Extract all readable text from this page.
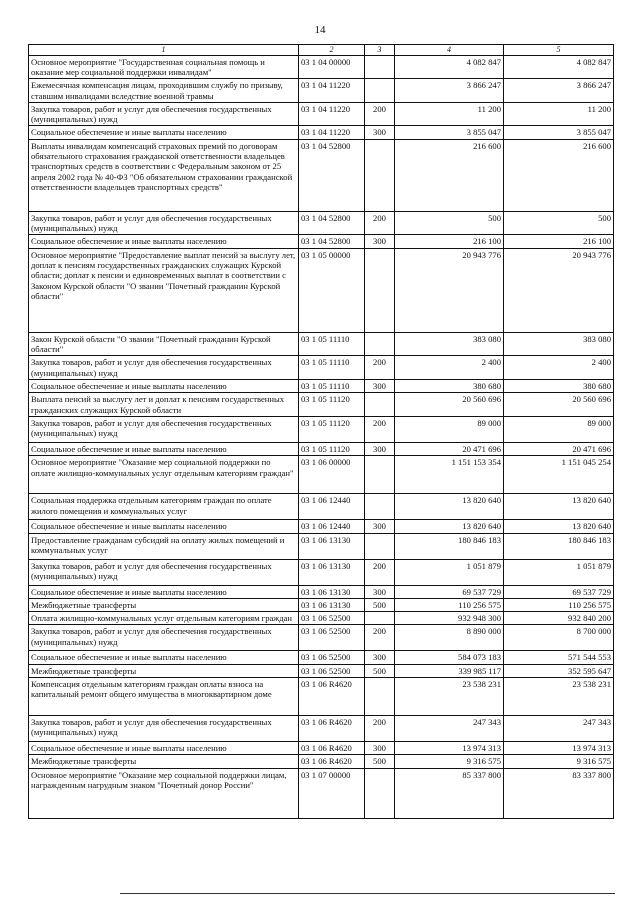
14
1	2	3	4	5
Основное мероприятие "Государственная социальная помощь и оказание мер социальной поддержки инвалидам"	03 1 04 00000		4 082 847	4 082 847
Ежемесячная компенсация лицам, проходившим службу по призыву, ставшим инвалидами вследствие военной травмы	03 1 04 11220		3 866 247	3 866 247
Закупка товаров, работ и услуг для обеспечения государственных (муниципальных) нужд	03 1 04 11220	200	11 200	11 200
Социальное обеспечение и иные выплаты населению	03 1 04 11220	300	3 855 047	3 855 047
Выплаты инвалидам компенсаций страховых премий по договорам обязательного страхования гражданской ответственности владельцев транспортных средств в соответствии с Федеральным законом от 25 апреля 2002 года № 40-ФЗ "Об обязательном страховании гражданской ответственности владельцев транспортных средств"	03 1 04 52800		216 600	216 600
Закупка товаров, работ и услуг для обеспечения государственных (муниципальных) нужд	03 1 04 52800	200	500	500
Социальное обеспечение и иные выплаты населению	03 1 04 52800	300	216 100	216 100
Основное мероприятие "Предоставление выплат пенсий за выслугу лет, доплат к пенсиям государственных гражданских служащих Курской области; доплат к пенсии и единовременных выплат в соответствии с Законом Курской области "О звании "Почетный гражданин Курской области"	03 1 05 00000		20 943 776	20 943 776
Закон Курской области "О звании "Почетный гражданин Курской области"	03 1 05 11110		383 080	383 080
Закупка товаров, работ и услуг для обеспечения государственных (муниципальных) нужд	03 1 05 11110	200	2 400	2 400
Социальное обеспечение и иные выплаты населению	03 1 05 11110	300	380 680	380 680
Выплата пенсий за выслугу лет и доплат к пенсиям государственных гражданских служащих Курской области	03 1 05 11120		20 560 696	20 560 696
Закупка товаров, работ и услуг для обеспечения государственных (муниципальных) нужд	03 1 05 11120	200	89 000	89 000
Социальное обеспечение и иные выплаты населению	03 1 05 11120	300	20 471 696	20 471 696
Основное мероприятие "Оказание мер социальной поддержки по оплате жилищно-коммунальных услуг отдельным категориям граждан"	03 1 06 00000		1 151 153 354	1 151 045 254
Социальная поддержка отдельным категориям граждан по оплате жилого помещения и коммунальных услуг	03 1 06 12440		13 820 640	13 820 640
Социальное обеспечение и иные выплаты населению	03 1 06 12440	300	13 820 640	13 820 640
Предоставление гражданам субсидий на оплату жилых помещений и коммунальных услуг	03 1 06 13130		180 846 183	180 846 183
Закупка товаров, работ и услуг для обеспечения государственных (муниципальных) нужд	03 1 06 13130	200	1 051 879	1 051 879
Социальное обеспечение и иные выплаты населению	03 1 06 13130	300	69 537 729	69 537 729
Межбюджетные трансферты	03 1 06 13130	500	110 256 575	110 256 575
Оплата жилищно-коммунальных услуг отдельным категориям граждан	03 1 06 52500		932 948 300	932 840 200
Закупка товаров, работ и услуг для обеспечения государственных (муниципальных) нужд	03 1 06 52500	200	8 890 000	8 700 000
Социальное обеспечение и иные выплаты населению	03 1 06 52500	300	584 073 183	571 544 553
Межбюджетные трансферты	03 1 06 52500	500	339 985 117	352 595 647
Компенсация отдельным категориям граждан оплаты взноса на капитальный ремонт общего имущества в многоквартирном доме	03 1 06 R4620		23 538 231	23 538 231
Закупка товаров, работ и услуг для обеспечения государственных (муниципальных) нужд	03 1 06 R4620	200	247 343	247 343
Социальное обеспечение и иные выплаты населению	03 1 06 R4620	300	13 974 313	13 974 313
Межбюджетные трансферты	03 1 06 R4620	500	9 316 575	9 316 575
Основное мероприятие "Оказание мер социальной поддержки лицам, награжденным нагрудным знаком "Почетный донор России"	03 1 07 00000		85 337 800	83 337 800
